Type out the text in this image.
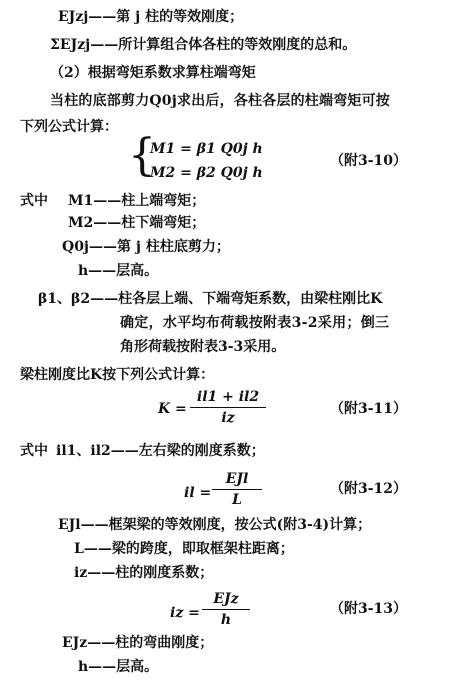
EJzj——第 j 柱的等效刚度；
ΣEJzj——所计算组合体各柱的等效刚度的总和。
（2）根据弯矩系数求算柱端弯矩
当柱的底部剪力Q0j求出后，各柱各层的柱端弯矩可按
下列公式计算：
{
M1 = β1 Q0j h
M2 = β2 Q0j h
（附3-10）
式中 M1——柱上端弯矩；
M2——柱下端弯矩；
Q0j——第 j 柱柱底剪力；
h——层高。
β1、β2——柱各层上端、下端弯矩系数，由梁柱刚比K
确定，水平均布荷载按附表3-2采用；倒三
角形荷载按附表3-3采用。
梁柱刚度比K按下列公式计算：
K =
il1 + il2
iz
（附3-11）
式中 il1、il2——左右梁的刚度系数；
il =
EJl
L
（附3-12）
EJl——框架梁的等效刚度，按公式(附3-4)计算；
L——梁的跨度，即取框架柱距离；
iz——柱的刚度系数；
iz =
EJz
h
（附3-13）
EJz——柱的弯曲刚度；
h——层高。
